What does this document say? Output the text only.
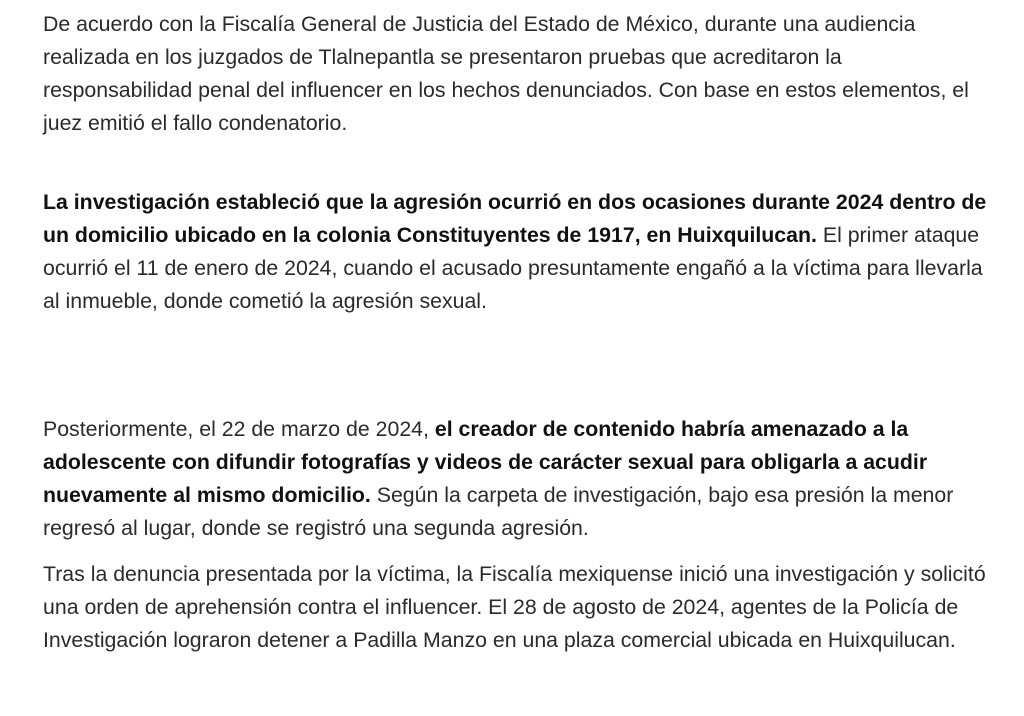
De acuerdo con la Fiscalía General de Justicia del Estado de México, durante una audiencia realizada en los juzgados de Tlalnepantla se presentaron pruebas que acreditaron la responsabilidad penal del influencer en los hechos denunciados. Con base en estos elementos, el juez emitió el fallo condenatorio.

La investigación estableció que la agresión ocurrió en dos ocasiones durante 2024 dentro de un domicilio ubicado en la colonia Constituyentes de 1917, en Huixquilucan. El primer ataque ocurrió el 11 de enero de 2024, cuando el acusado presuntamente engañó a la víctima para llevarla al inmueble, donde cometió la agresión sexual.

Posteriormente, el 22 de marzo de 2024, el creador de contenido habría amenazado a la adolescente con difundir fotografías y videos de carácter sexual para obligarla a acudir nuevamente al mismo domicilio. Según la carpeta de investigación, bajo esa presión la menor regresó al lugar, donde se registró una segunda agresión.

Tras la denuncia presentada por la víctima, la Fiscalía mexiquense inició una investigación y solicitó una orden de aprehensión contra el influencer. El 28 de agosto de 2024, agentes de la Policía de Investigación lograron detener a Padilla Manzo en una plaza comercial ubicada en Huixquilucan.
